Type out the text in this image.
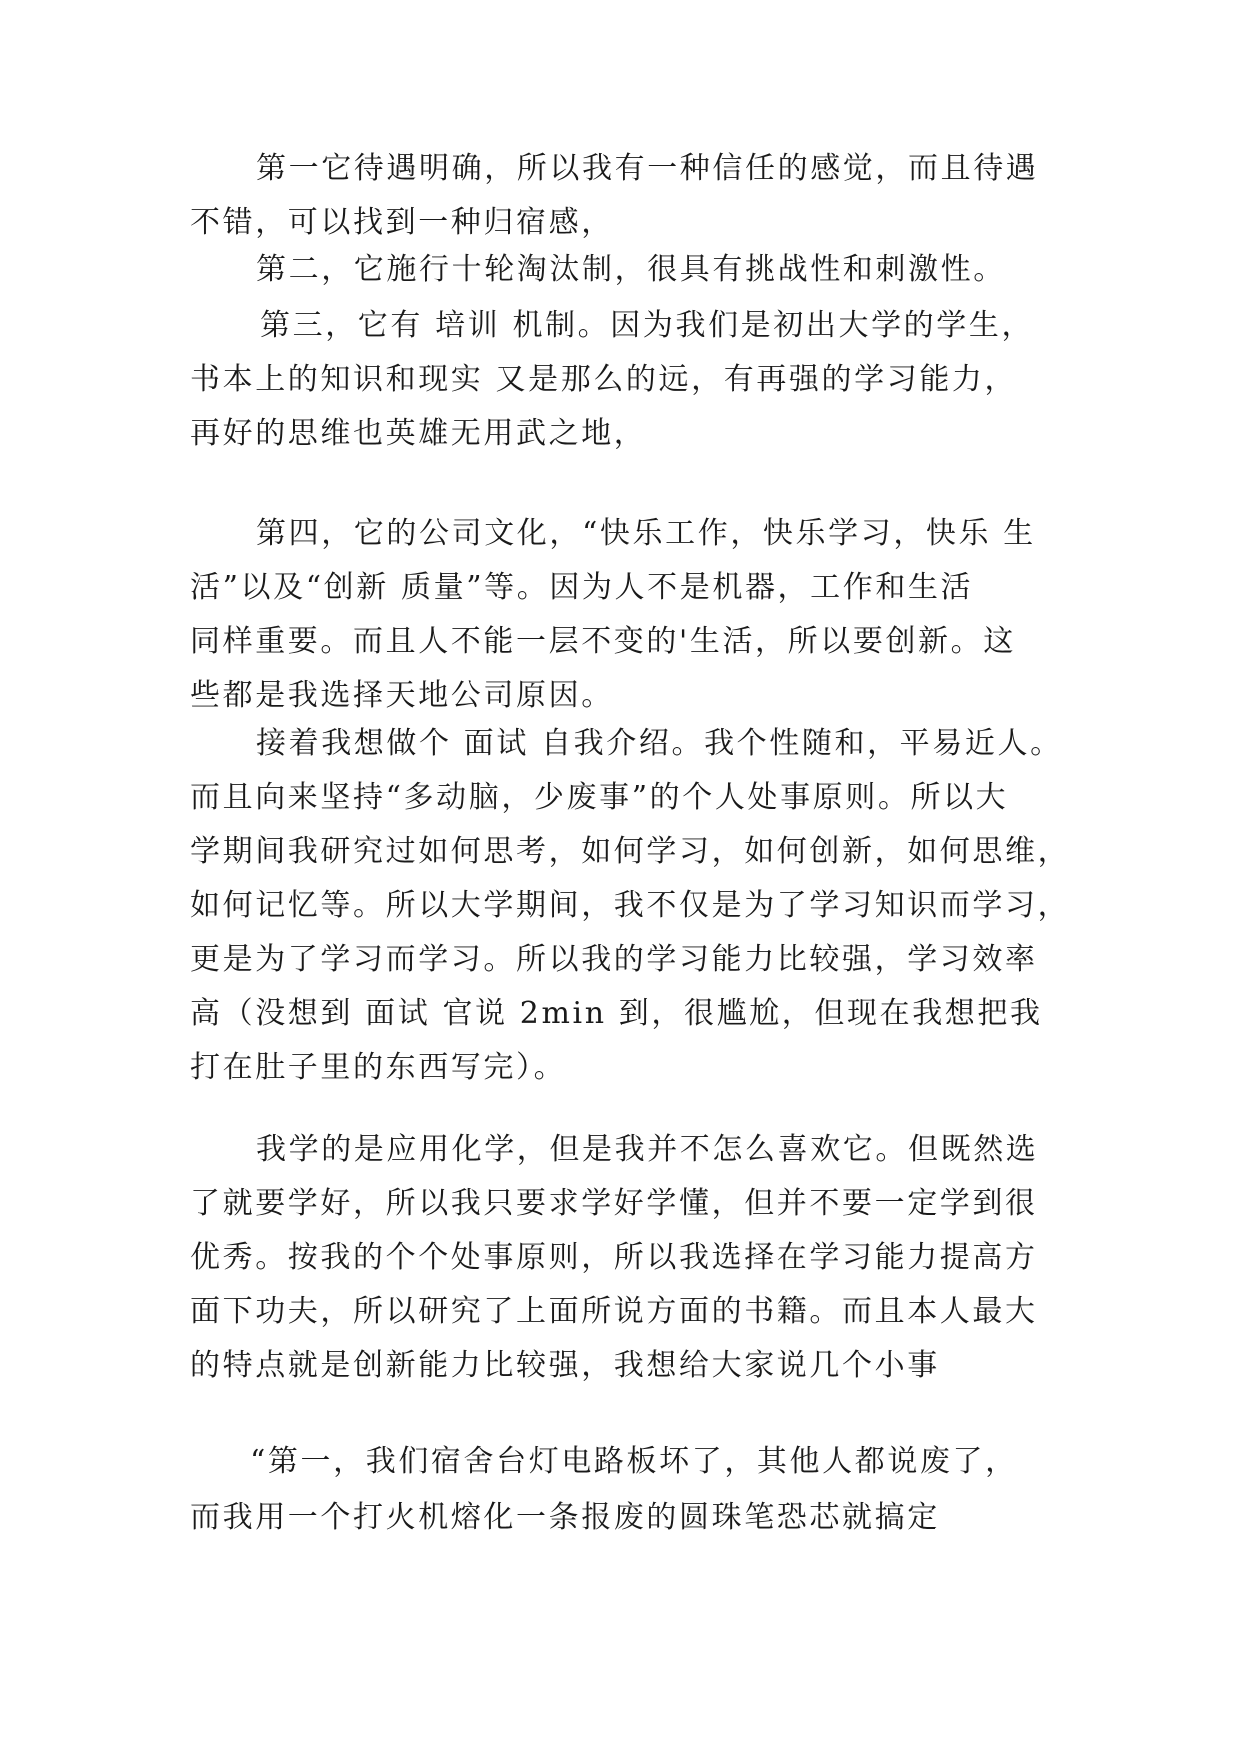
第一它待遇明确，所以我有一种信任的感觉，而且待遇
不错，可以找到一种归宿感，
第二，它施行十轮淘汰制，很具有挑战性和刺激性。
第三，它有 培训 机制。因为我们是初出大学的学生，
书本上的知识和现实 又是那么的远，有再强的学习能力，
再好的思维也英雄无用武之地，
第四，它的公司文化，“快乐工作，快乐学习，快乐 生
活”以及“创新 质量”等。因为人不是机器，工作和生活
同样重要。而且人不能一层不变的'生活，所以要创新。这
些都是我选择天地公司原因。
接着我想做个 面试 自我介绍。我个性随和，平易近人。
而且向来坚持“多动脑，少废事”的个人处事原则。所以大
学期间我研究过如何思考，如何学习，如何创新，如何思维，
如何记忆等。所以大学期间，我不仅是为了学习知识而学习，
更是为了学习而学习。所以我的学习能力比较强，学习效率
高（没想到 面试 官说 2min 到，很尴尬，但现在我想把我
打在肚子里的东西写完）。
我学的是应用化学，但是我并不怎么喜欢它。但既然选
了就要学好，所以我只要求学好学懂，但并不要一定学到很
优秀。按我的个个处事原则，所以我选择在学习能力提高方
面下功夫，所以研究了上面所说方面的书籍。而且本人最大
的特点就是创新能力比较强，我想给大家说几个小事
“第一，我们宿舍台灯电路板坏了，其他人都说废了，
而我用一个打火机熔化一条报废的圆珠笔恐芯就搞定
